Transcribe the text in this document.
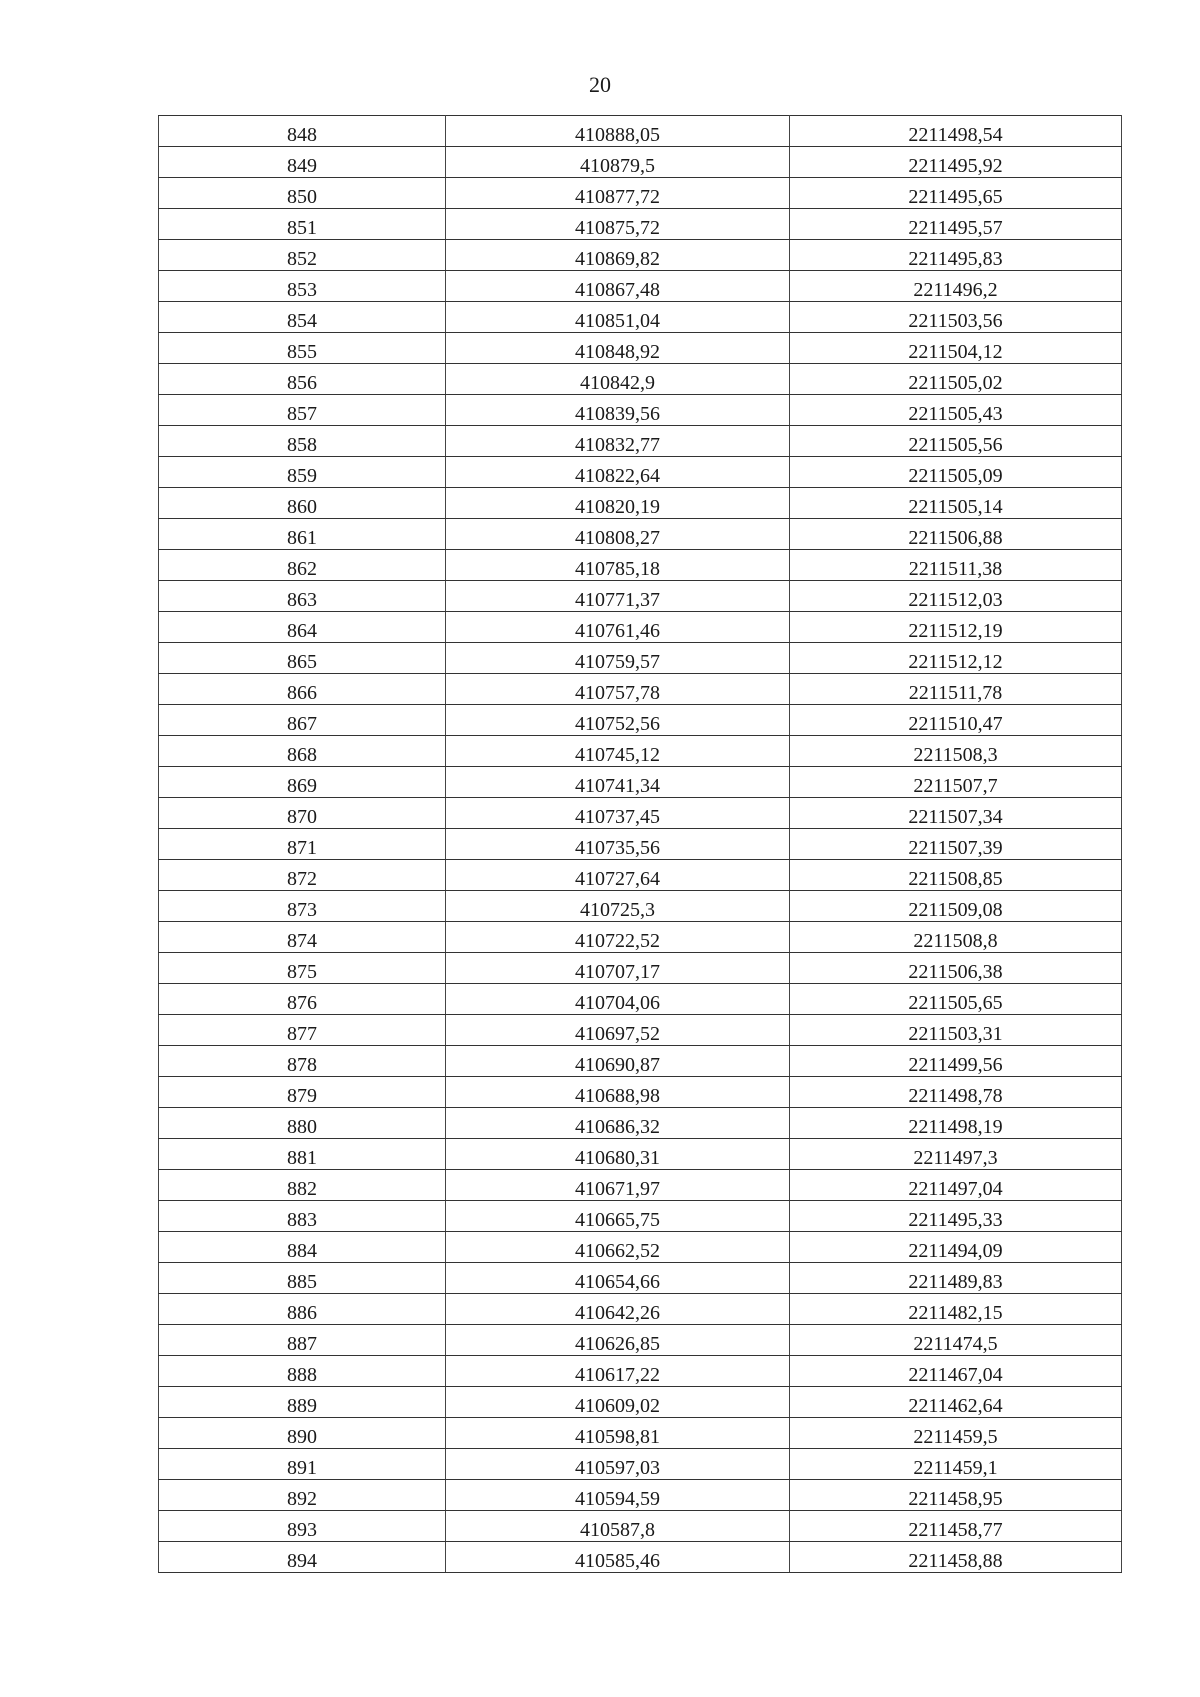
20
848	410888,05	2211498,54
849	410879,5	2211495,92
850	410877,72	2211495,65
851	410875,72	2211495,57
852	410869,82	2211495,83
853	410867,48	2211496,2
854	410851,04	2211503,56
855	410848,92	2211504,12
856	410842,9	2211505,02
857	410839,56	2211505,43
858	410832,77	2211505,56
859	410822,64	2211505,09
860	410820,19	2211505,14
861	410808,27	2211506,88
862	410785,18	2211511,38
863	410771,37	2211512,03
864	410761,46	2211512,19
865	410759,57	2211512,12
866	410757,78	2211511,78
867	410752,56	2211510,47
868	410745,12	2211508,3
869	410741,34	2211507,7
870	410737,45	2211507,34
871	410735,56	2211507,39
872	410727,64	2211508,85
873	410725,3	2211509,08
874	410722,52	2211508,8
875	410707,17	2211506,38
876	410704,06	2211505,65
877	410697,52	2211503,31
878	410690,87	2211499,56
879	410688,98	2211498,78
880	410686,32	2211498,19
881	410680,31	2211497,3
882	410671,97	2211497,04
883	410665,75	2211495,33
884	410662,52	2211494,09
885	410654,66	2211489,83
886	410642,26	2211482,15
887	410626,85	2211474,5
888	410617,22	2211467,04
889	410609,02	2211462,64
890	410598,81	2211459,5
891	410597,03	2211459,1
892	410594,59	2211458,95
893	410587,8	2211458,77
894	410585,46	2211458,88
